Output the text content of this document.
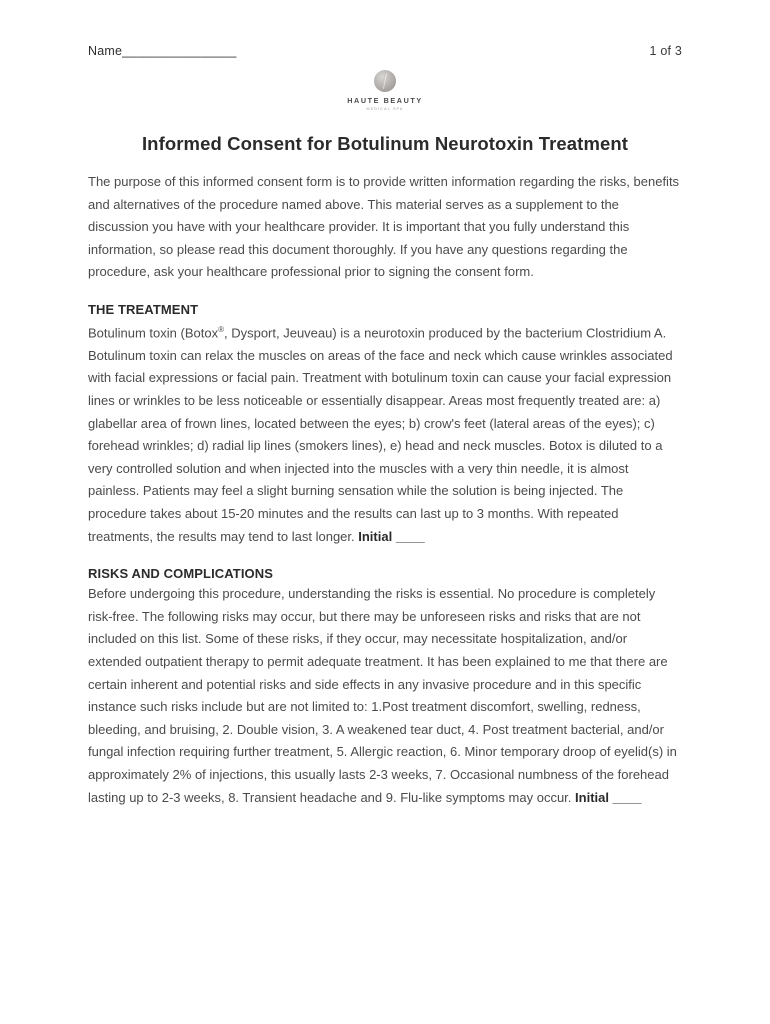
Name________________	1 of 3
HAUTE BEAUTY
MEDICAL SPA
Informed Consent for Botulinum Neurotoxin Treatment

The purpose of this informed consent form is to provide written information regarding the risks, benefits and alternatives of the procedure named above. This material serves as a supplement to the discussion you have with your healthcare provider. It is important that you fully understand this information, so please read this document thoroughly. If you have any questions regarding the procedure, ask your healthcare professional prior to signing the consent form.

THE TREATMENT

Botulinum toxin (Botox®, Dysport, Jeuveau) is a neurotoxin produced by the bacterium Clostridium A. Botulinum toxin can relax the muscles on areas of the face and neck which cause wrinkles associated with facial expressions or facial pain. Treatment with botulinum toxin can cause your facial expression lines or wrinkles to be less noticeable or essentially disappear. Areas most frequently treated are: a) glabellar area of frown lines, located between the eyes; b) crow's feet (lateral areas of the eyes); c) forehead wrinkles; d) radial lip lines (smokers lines), e) head and neck muscles. Botox is diluted to a very controlled solution and when injected into the muscles with a very thin needle, it is almost painless. Patients may feel a slight burning sensation while the solution is being injected. The procedure takes about 15-20 minutes and the results can last up to 3 months. With repeated treatments, the results may tend to last longer. Initial ____

RISKS AND COMPLICATIONS

Before undergoing this procedure, understanding the risks is essential. No procedure is completely risk-free. The following risks may occur, but there may be unforeseen risks and risks that are not included on this list. Some of these risks, if they occur, may necessitate hospitalization, and/or extended outpatient therapy to permit adequate treatment. It has been explained to me that there are certain inherent and potential risks and side effects in any invasive procedure and in this specific instance such risks include but are not limited to: 1.Post treatment discomfort, swelling, redness, bleeding, and bruising, 2. Double vision, 3. A weakened tear duct, 4. Post treatment bacterial, and/or fungal infection requiring further treatment, 5. Allergic reaction, 6. Minor temporary droop of eyelid(s) in approximately 2% of injections, this usually lasts 2-3 weeks, 7. Occasional numbness of the forehead lasting up to 2-3 weeks, 8. Transient headache and 9. Flu-like symptoms may occur. Initial ____
